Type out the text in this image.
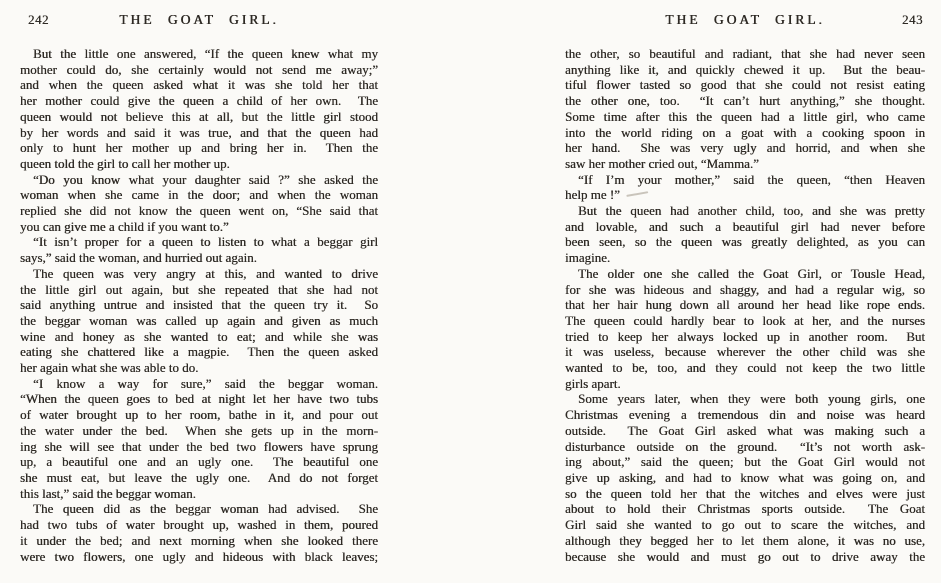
242	THE GOAT GIRL.
But the little one answered, “If the queen knew what my
mother could do, she certainly would not send me away;”
and when the queen asked what it was she told her that
her mother could give the queen a child of her own.  The
queen would not believe this at all, but the little girl stood
by her words and said it was true, and that the queen had
only to hunt her mother up and bring her in.  Then the
queen told the girl to call her mother up.
“Do you know what your daughter said ?” she asked the
woman when she came in the door; and when the woman
replied she did not know the queen went on, “She said that
you can give me a child if you want to.”
“It isn’t proper for a queen to listen to what a beggar girl
says,” said the woman, and hurried out again.
The queen was very angry at this, and wanted to drive
the little girl out again, but she repeated that she had not
said anything untrue and insisted that the queen try it.  So
the beggar woman was called up again and given as much
wine and honey as she wanted to eat; and while she was
eating she chattered like a magpie.  Then the queen asked
her again what she was able to do.
“I know a way for sure,” said the beggar woman.
“When the queen goes to bed at night let her have two tubs
of water brought up to her room, bathe in it, and pour out
the water under the bed.  When she gets up in the morn-
ing she will see that under the bed two flowers have sprung
up, a beautiful one and an ugly one.  The beautiful one
she must eat, but leave the ugly one.  And do not forget
this last,” said the beggar woman.
The queen did as the beggar woman had advised.  She
had two tubs of water brought up, washed in them, poured
it under the bed; and next morning when she looked there
were two flowers, one ugly and hideous with black leaves;
THE GOAT GIRL.	243
the other, so beautiful and radiant, that she had never seen
anything like it, and quickly chewed it up.  But the beau-
tiful flower tasted so good that she could not resist eating
the other one, too.  “It can’t hurt anything,” she thought.
Some time after this the queen had a little girl, who came
into the world riding on a goat with a cooking spoon in
her hand.  She was very ugly and horrid, and when she
saw her mother cried out, “Mamma.”
“If I’m your mother,” said the queen, “then Heaven
help me !”
But the queen had another child, too, and she was pretty
and lovable, and such a beautiful girl had never before
been seen, so the queen was greatly delighted, as you can
imagine.
The older one she called the Goat Girl, or Tousle Head,
for she was hideous and shaggy, and had a regular wig, so
that her hair hung down all around her head like rope ends.
The queen could hardly bear to look at her, and the nurses
tried to keep her always locked up in another room.  But
it was useless, because wherever the other child was she
wanted to be, too, and they could not keep the two little
girls apart.
Some years later, when they were both young girls, one
Christmas evening a tremendous din and noise was heard
outside.  The Goat Girl asked what was making such a
disturbance outside on the ground.  “It’s not worth ask-
ing about,” said the queen; but the Goat Girl would not
give up asking, and had to know what was going on, and
so the queen told her that the witches and elves were just
about to hold their Christmas sports outside.  The Goat
Girl said she wanted to go out to scare the witches, and
although they begged her to let them alone, it was no use,
because she would and must go out to drive away the
